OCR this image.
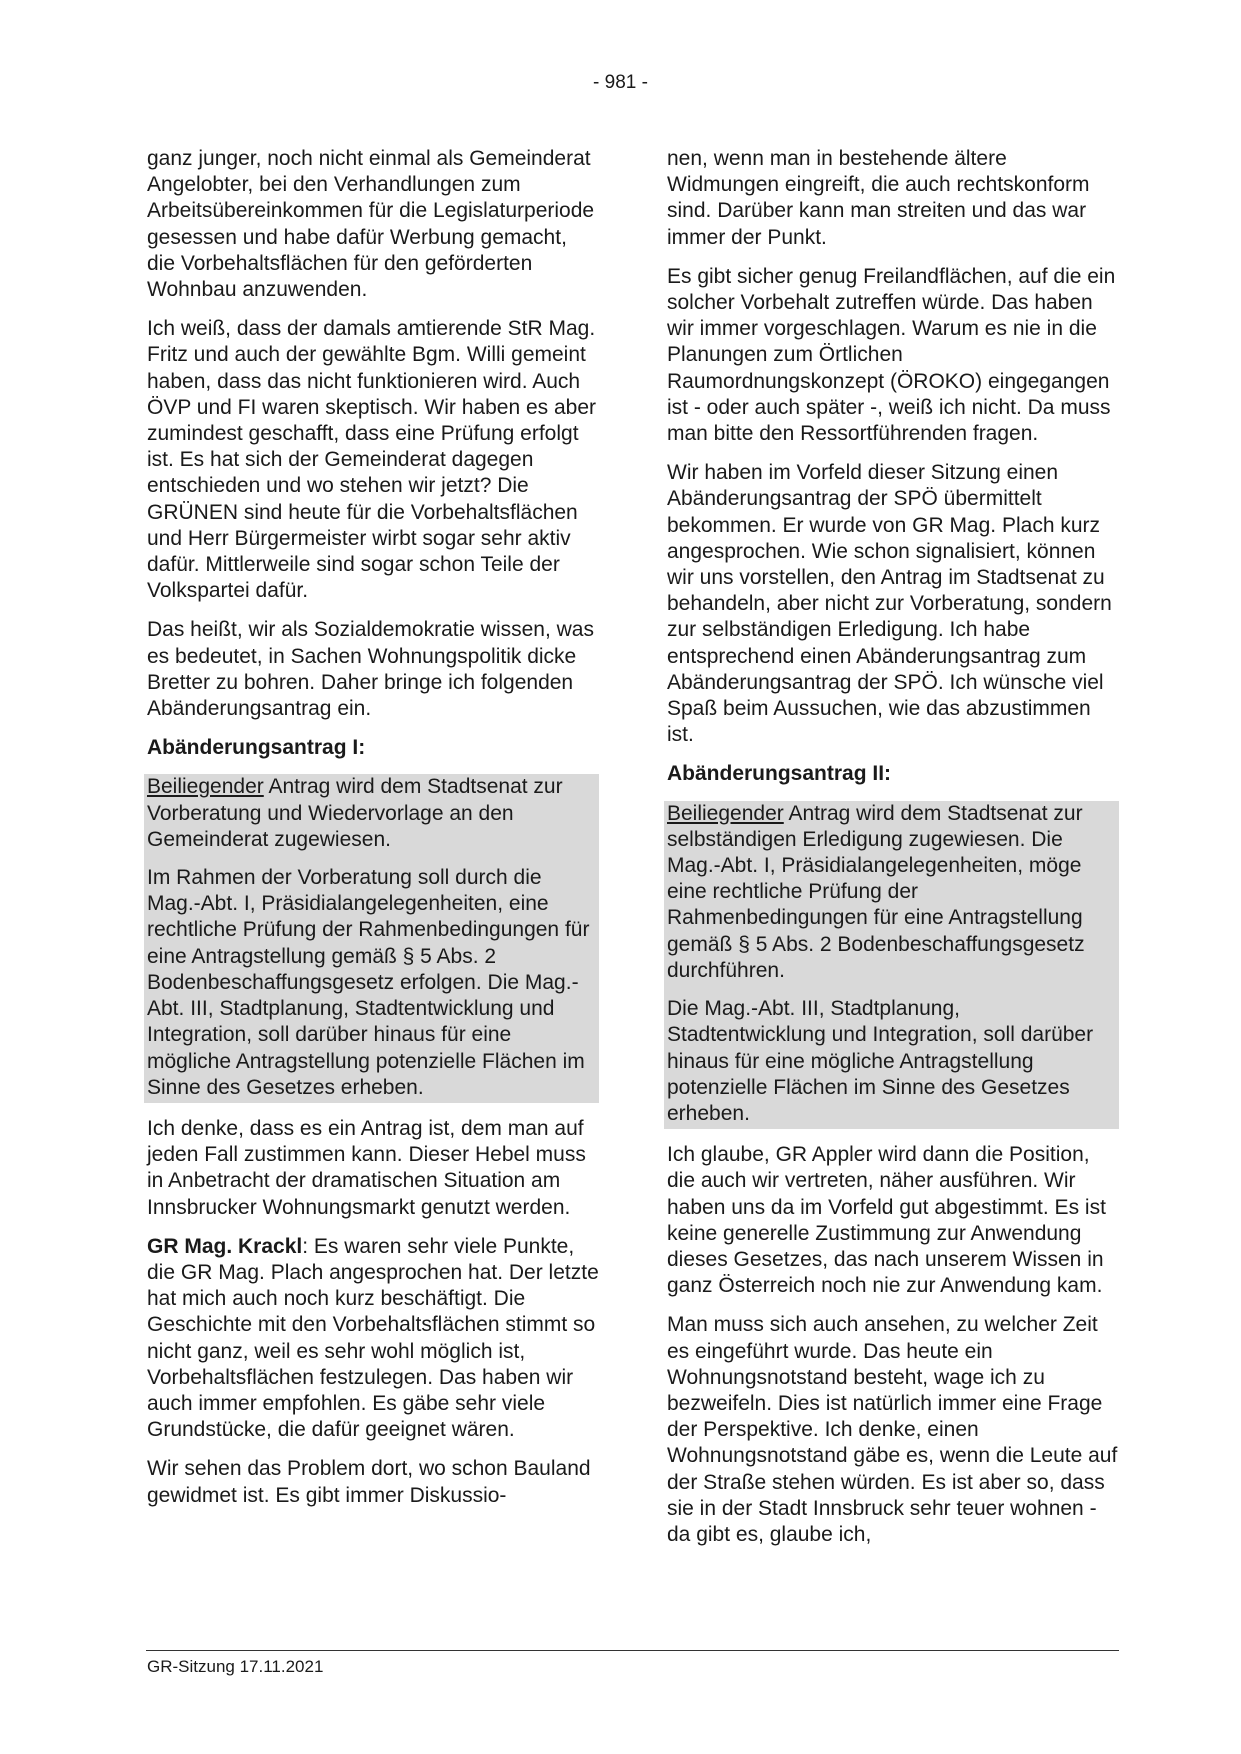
- 981 -

ganz junger, noch nicht einmal als Gemeinderat Angelobter, bei den Verhandlungen zum Arbeitsübereinkommen für die Legislaturperiode gesessen und habe dafür Werbung gemacht, die Vorbehaltsflächen für den geförderten Wohnbau anzuwenden.

Ich weiß, dass der damals amtierende StR Mag. Fritz und auch der gewählte Bgm. Willi gemeint haben, dass das nicht funktionieren wird. Auch ÖVP und FI waren skeptisch. Wir haben es aber zumindest geschafft, dass eine Prüfung erfolgt ist. Es hat sich der Gemeinderat dagegen entschieden und wo stehen wir jetzt? Die GRÜNEN sind heute für die Vorbehaltsflächen und Herr Bürgermeister wirbt sogar sehr aktiv dafür. Mittlerweile sind sogar schon Teile der Volkspartei dafür.

Das heißt, wir als Sozialdemokratie wissen, was es bedeutet, in Sachen Wohnungspolitik dicke Bretter zu bohren. Daher bringe ich folgenden Abänderungsantrag ein.

Abänderungsantrag I:

Beiliegender Antrag wird dem Stadtsenat zur Vorberatung und Wiedervorlage an den Gemeinderat zugewiesen.

Im Rahmen der Vorberatung soll durch die Mag.-Abt. I, Präsidialangelegenheiten, eine rechtliche Prüfung der Rahmenbedingungen für eine Antragstellung gemäß § 5 Abs. 2 Bodenbeschaffungsgesetz erfolgen. Die Mag.-Abt. III, Stadtplanung, Stadtentwicklung und Integration, soll darüber hinaus für eine mögliche Antragstellung potenzielle Flächen im Sinne des Gesetzes erheben.

Ich denke, dass es ein Antrag ist, dem man auf jeden Fall zustimmen kann. Dieser Hebel muss in Anbetracht der dramatischen Situation am Innsbrucker Wohnungsmarkt genutzt werden.

GR Mag. Krackl: Es waren sehr viele Punkte, die GR Mag. Plach angesprochen hat. Der letzte hat mich auch noch kurz beschäftigt. Die Geschichte mit den Vorbehaltsflächen stimmt so nicht ganz, weil es sehr wohl möglich ist, Vorbehaltsflächen festzulegen. Das haben wir auch immer empfohlen. Es gäbe sehr viele Grundstücke, die dafür geeignet wären.

Wir sehen das Problem dort, wo schon Bauland gewidmet ist. Es gibt immer Diskussio-

nen, wenn man in bestehende ältere Widmungen eingreift, die auch rechtskonform sind. Darüber kann man streiten und das war immer der Punkt.

Es gibt sicher genug Freilandflächen, auf die ein solcher Vorbehalt zutreffen würde. Das haben wir immer vorgeschlagen. Warum es nie in die Planungen zum Örtlichen Raumordnungskonzept (ÖROKO) eingegangen ist - oder auch später -, weiß ich nicht. Da muss man bitte den Ressortführenden fragen.

Wir haben im Vorfeld dieser Sitzung einen Abänderungsantrag der SPÖ übermittelt bekommen. Er wurde von GR Mag. Plach kurz angesprochen. Wie schon signalisiert, können wir uns vorstellen, den Antrag im Stadtsenat zu behandeln, aber nicht zur Vorberatung, sondern zur selbständigen Erledigung. Ich habe entsprechend einen Abänderungsantrag zum Abänderungsantrag der SPÖ. Ich wünsche viel Spaß beim Aussuchen, wie das abzustimmen ist.

Abänderungsantrag II:

Beiliegender Antrag wird dem Stadtsenat zur selbständigen Erledigung zugewiesen. Die Mag.-Abt. I, Präsidialangelegenheiten, möge eine rechtliche Prüfung der Rahmenbedingungen für eine Antragstellung gemäß § 5 Abs. 2 Bodenbeschaffungsgesetz durchführen.

Die Mag.-Abt. III, Stadtplanung, Stadtentwicklung und Integration, soll darüber hinaus für eine mögliche Antragstellung potenzielle Flächen im Sinne des Gesetzes erheben.

Ich glaube, GR Appler wird dann die Position, die auch wir vertreten, näher ausführen. Wir haben uns da im Vorfeld gut abgestimmt. Es ist keine generelle Zustimmung zur Anwendung dieses Gesetzes, das nach unserem Wissen in ganz Österreich noch nie zur Anwendung kam.

Man muss sich auch ansehen, zu welcher Zeit es eingeführt wurde. Das heute ein Wohnungsnotstand besteht, wage ich zu bezweifeln. Dies ist natürlich immer eine Frage der Perspektive. Ich denke, einen Wohnungsnotstand gäbe es, wenn die Leute auf der Straße stehen würden. Es ist aber so, dass sie in der Stadt Innsbruck sehr teuer wohnen - da gibt es, glaube ich,

GR-Sitzung 17.11.2021
